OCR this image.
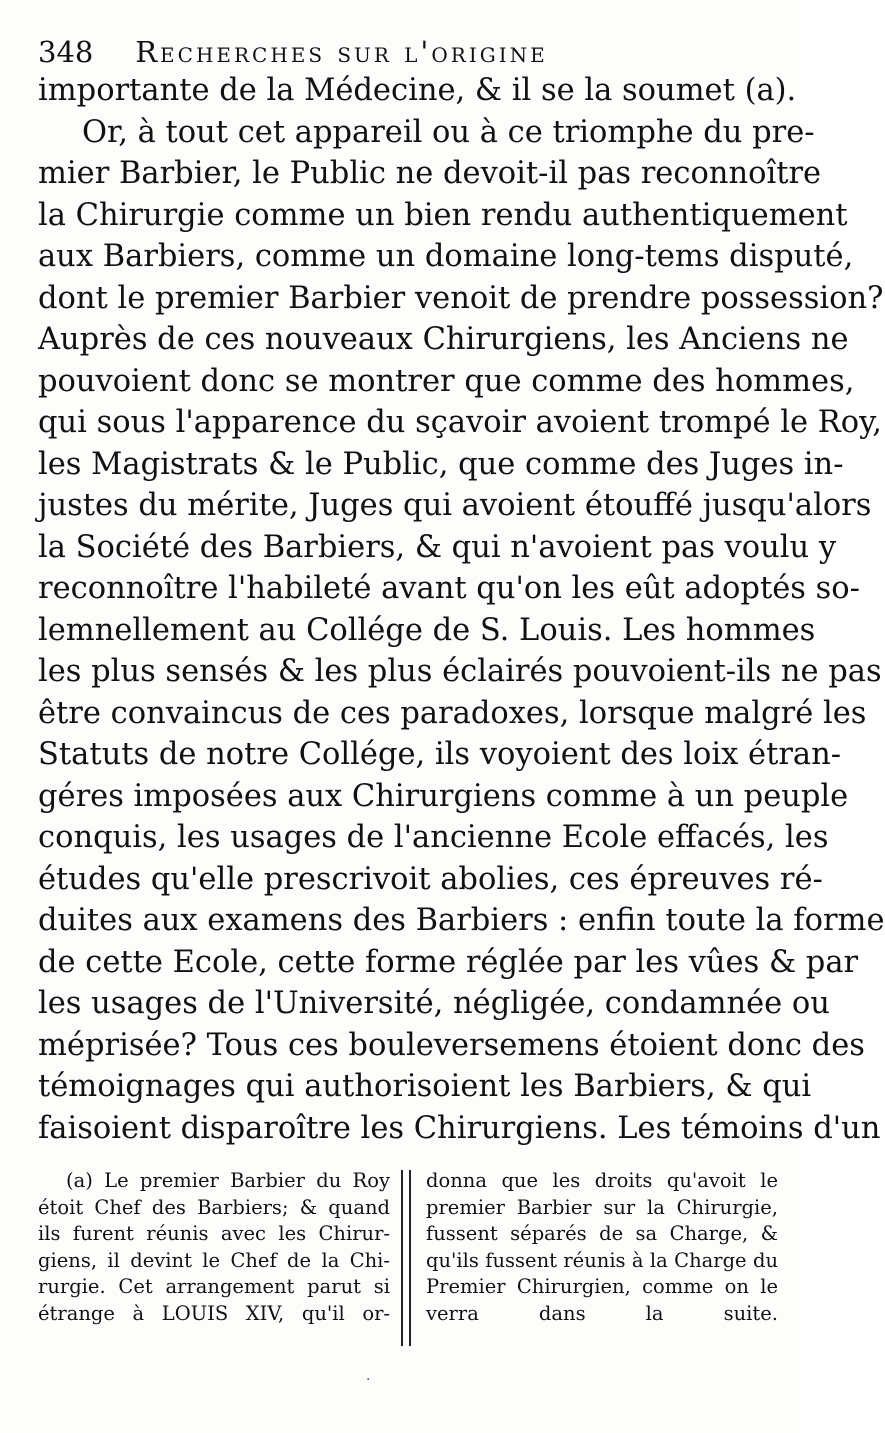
348 Recherches sur l'origine
importante de la Médecine, & il se la soumet (a).
Or, à tout cet appareil ou à ce triomphe du pre-
mier Barbier, le Public ne devoit-il pas reconnoître
la Chirurgie comme un bien rendu authentiquement
aux Barbiers, comme un domaine long-tems disputé,
dont le premier Barbier venoit de prendre possession?
Auprès de ces nouveaux Chirurgiens, les Anciens ne
pouvoient donc se montrer que comme des hommes,
qui sous l'apparence du sçavoir avoient trompé le Roy,
les Magistrats & le Public, que comme des Juges in-
justes du mérite, Juges qui avoient étouffé jusqu'alors
la Société des Barbiers, & qui n'avoient pas voulu y
reconnoître l'habileté avant qu'on les eût adoptés so-
lemnellement au Collége de S. Louis. Les hommes
les plus sensés & les plus éclairés pouvoient-ils ne pas
être convaincus de ces paradoxes, lorsque malgré les
Statuts de notre Collége, ils voyoient des loix étran-
géres imposées aux Chirurgiens comme à un peuple
conquis, les usages de l'ancienne Ecole effacés, les
études qu'elle prescrivoit abolies, ces épreuves ré-
duites aux examens des Barbiers : enfin toute la forme
de cette Ecole, cette forme réglée par les vûes & par
les usages de l'Université, négligée, condamnée ou
méprisée? Tous ces bouleversemens étoient donc des
témoignages qui authorisoient les Barbiers, & qui
faisoient disparoître les Chirurgiens. Les témoins d'un
(a) Le premier Barbier du Roy
étoit Chef des Barbiers; & quand
ils furent réunis avec les Chirur-
giens, il devint le Chef de la Chi-
rurgie. Cet arrangement parut si
étrange à LOUIS XIV, qu'il or-
donna que les droits qu'avoit le
premier Barbier sur la Chirurgie,
fussent séparés de sa Charge, &
qu'ils fussent réunis à la Charge du
Premier Chirurgien, comme on le
verra dans la suite.
·
